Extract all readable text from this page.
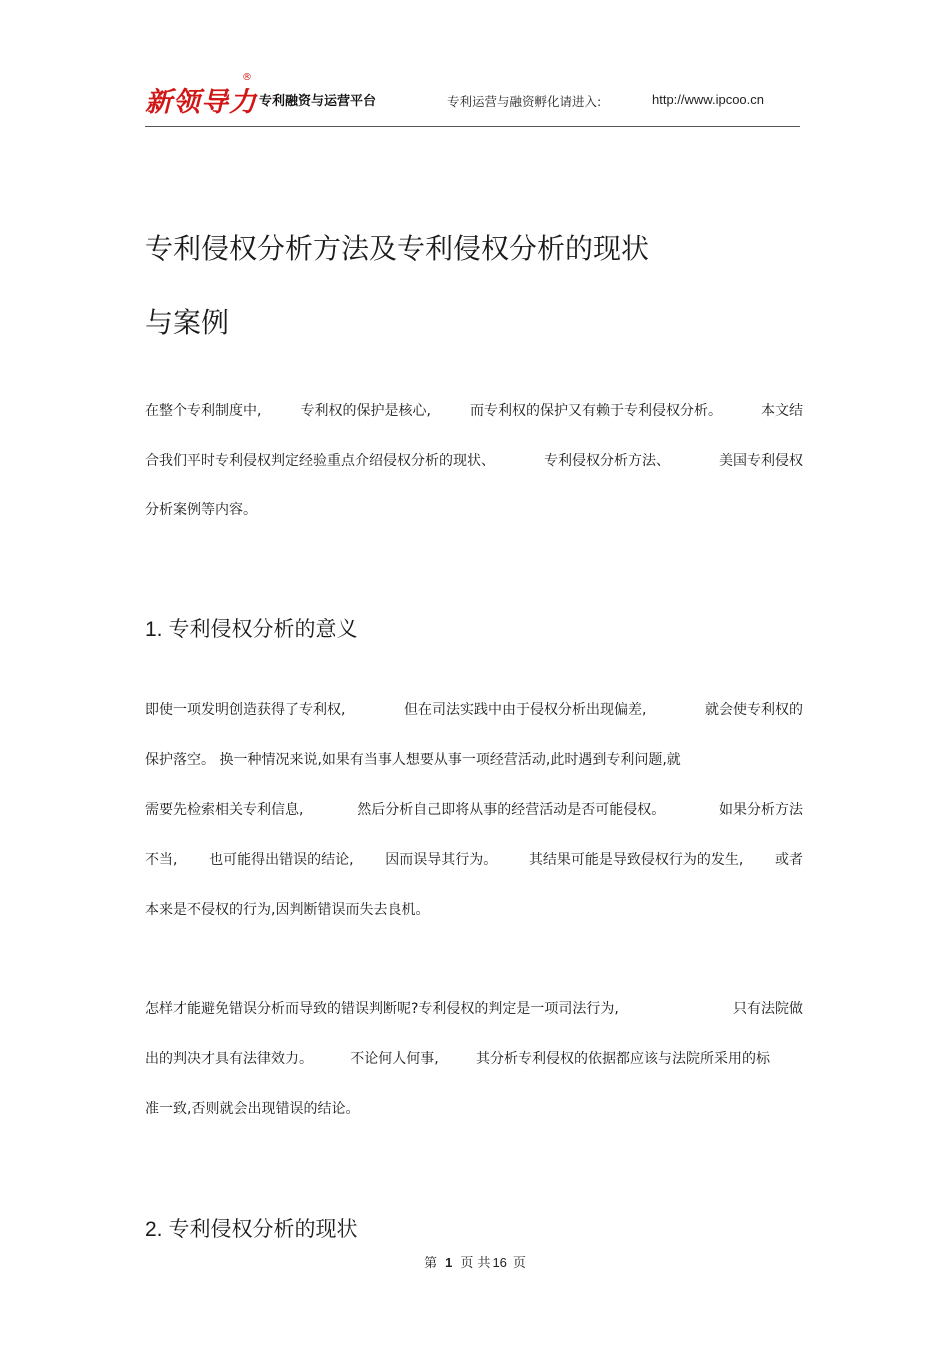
新领导力
®
专利融资与运营平台	专利运营与融资孵化请进入:	http://www.ipcoo.cn
专利侵权分析方法及专利侵权分析的现状
与案例
在整个专利制度中,	专利权的保护是核心,	而专利权的保护又有赖于专利侵权分析。	本文结
合我们平时专利侵权判定经验重点介绍侵权分析的现状、	专利侵权分析方法、	美国专利侵权
分析案例等内容。
1. 专利侵权分析的意义
即使一项发明创造获得了专利权,	但在司法实践中由于侵权分析出现偏差,	就会使专利权的
保护落空。 换一种情况来说,如果有当事人想要从事一项经营活动,此时遇到专利问题,就
需要先检索相关专利信息,	然后分析自己即将从事的经营活动是否可能侵权。	如果分析方法
不当, 也可能得出错误的结论, 因而误导其行为。 其结果可能是导致侵权行为的发生, 或者
本来是不侵权的行为,因判断错误而失去良机。
怎样才能避免错误分析而导致的错误判断呢?专利侵权的判定是一项司法行为,	只有法院做
出的判决才具有法律效力。	不论何人何事,	其分析专利侵权的依据都应该与法院所采用的标
准一致,否则就会出现错误的结论。
2. 专利侵权分析的现状
第 1 页 共 16 页
